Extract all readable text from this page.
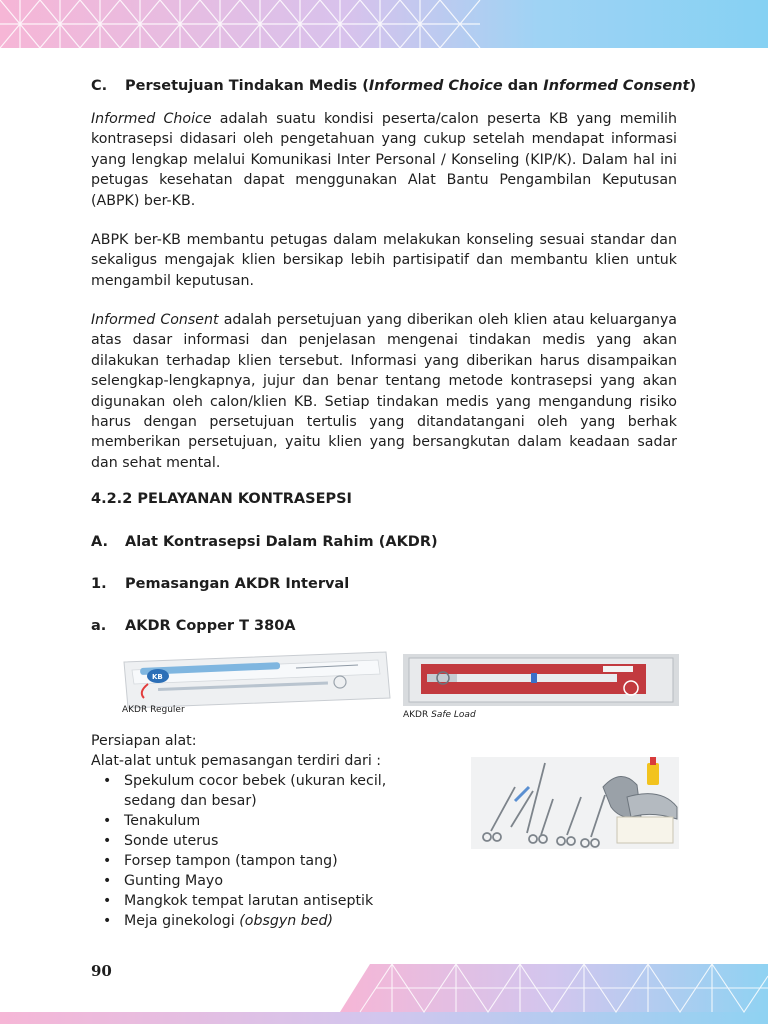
C. Persetujuan Tindakan Medis (Informed Choice dan Informed Consent)

Informed Choice adalah suatu kondisi peserta/calon peserta KB yang memilih kontrasepsi didasari oleh pengetahuan yang cukup setelah mendapat informasi yang lengkap melalui Komunikasi Inter Personal / Konseling (KIP/K). Dalam hal ini petugas kesehatan dapat menggunakan Alat Bantu Pengambilan Keputusan (ABPK) ber-KB.

ABPK ber-KB membantu petugas dalam melakukan konseling sesuai standar dan sekaligus mengajak klien bersikap lebih partisipatif dan membantu klien untuk mengambil keputusan.

Informed Consent adalah persetujuan yang diberikan oleh klien atau keluarganya atas dasar informasi dan penjelasan mengenai tindakan medis yang akan dilakukan terhadap klien tersebut. Informasi yang diberikan harus disampaikan selengkap-lengkapnya, jujur dan benar tentang metode kontrasepsi yang akan digunakan oleh calon/klien KB. Setiap tindakan medis yang mengandung risiko harus dengan persetujuan tertulis yang ditandatangani oleh yang berhak memberikan persetujuan, yaitu klien yang bersangkutan dalam keadaan sadar dan sehat mental.

4.2.2 PELAYANAN KONTRASEPSI
A. Alat Kontrasepsi Dalam Rahim (AKDR)
1. Pemasangan AKDR Interval
a. AKDR Copper T 380A
KB
AKDR Reguler	AKDR Safe Load
Persiapan alat:
Alat-alat untuk pemasangan terdiri dari :
• Spekulum cocor bebek (ukuran kecil, sedang dan besar)
• Tenakulum
• Sonde uterus
• Forsep tampon (tampon tang)
• Gunting Mayo
• Mangkok tempat larutan antiseptik
• Meja ginekologi (obsgyn bed)
90
